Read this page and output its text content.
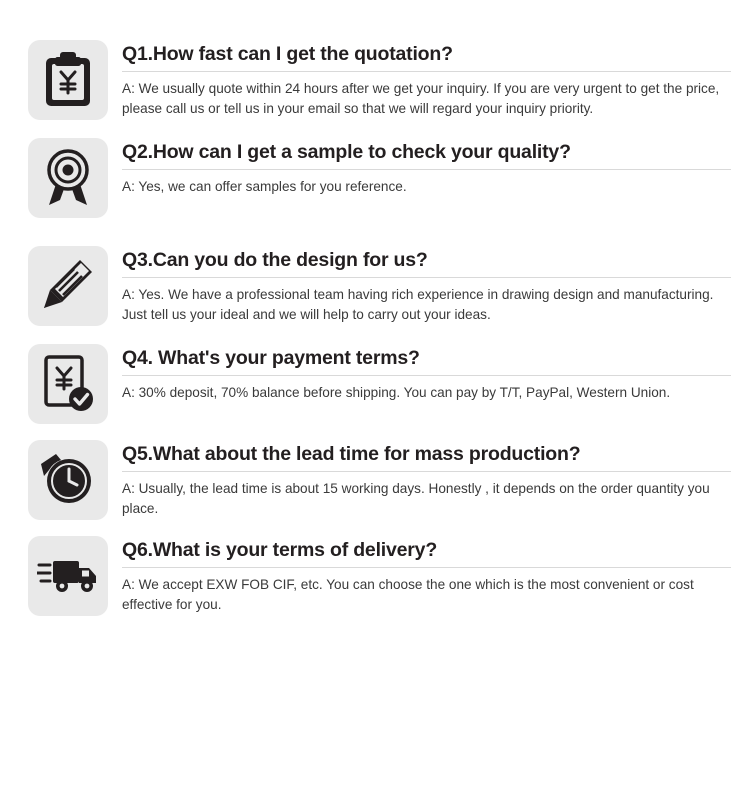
Q1.How fast can I get the quotation?
A: We usually quote within 24 hours after we get your inquiry. If you are very urgent to get the price, please call us or tell us in your email so that we will regard your inquiry priority.
Q2.How can I get a sample to check your quality?
A: Yes, we can offer samples for you reference.
Q3.Can you do the design for us?
A: Yes. We have a professional team having rich experience in drawing design and manufacturing. Just tell us your ideal and we will help to carry out your ideas.
Q4. What's your payment terms?
A: 30% deposit, 70% balance before shipping. You can pay by T/T, PayPal, Western Union.
Q5.What about the lead time for mass production?
A: Usually, the lead time is about 15 working days. Honestly , it depends on the order quantity you place.
Q6.What is your terms of delivery?
A: We accept EXW FOB CIF, etc. You can choose the one which is the most convenient or cost effective for you.
